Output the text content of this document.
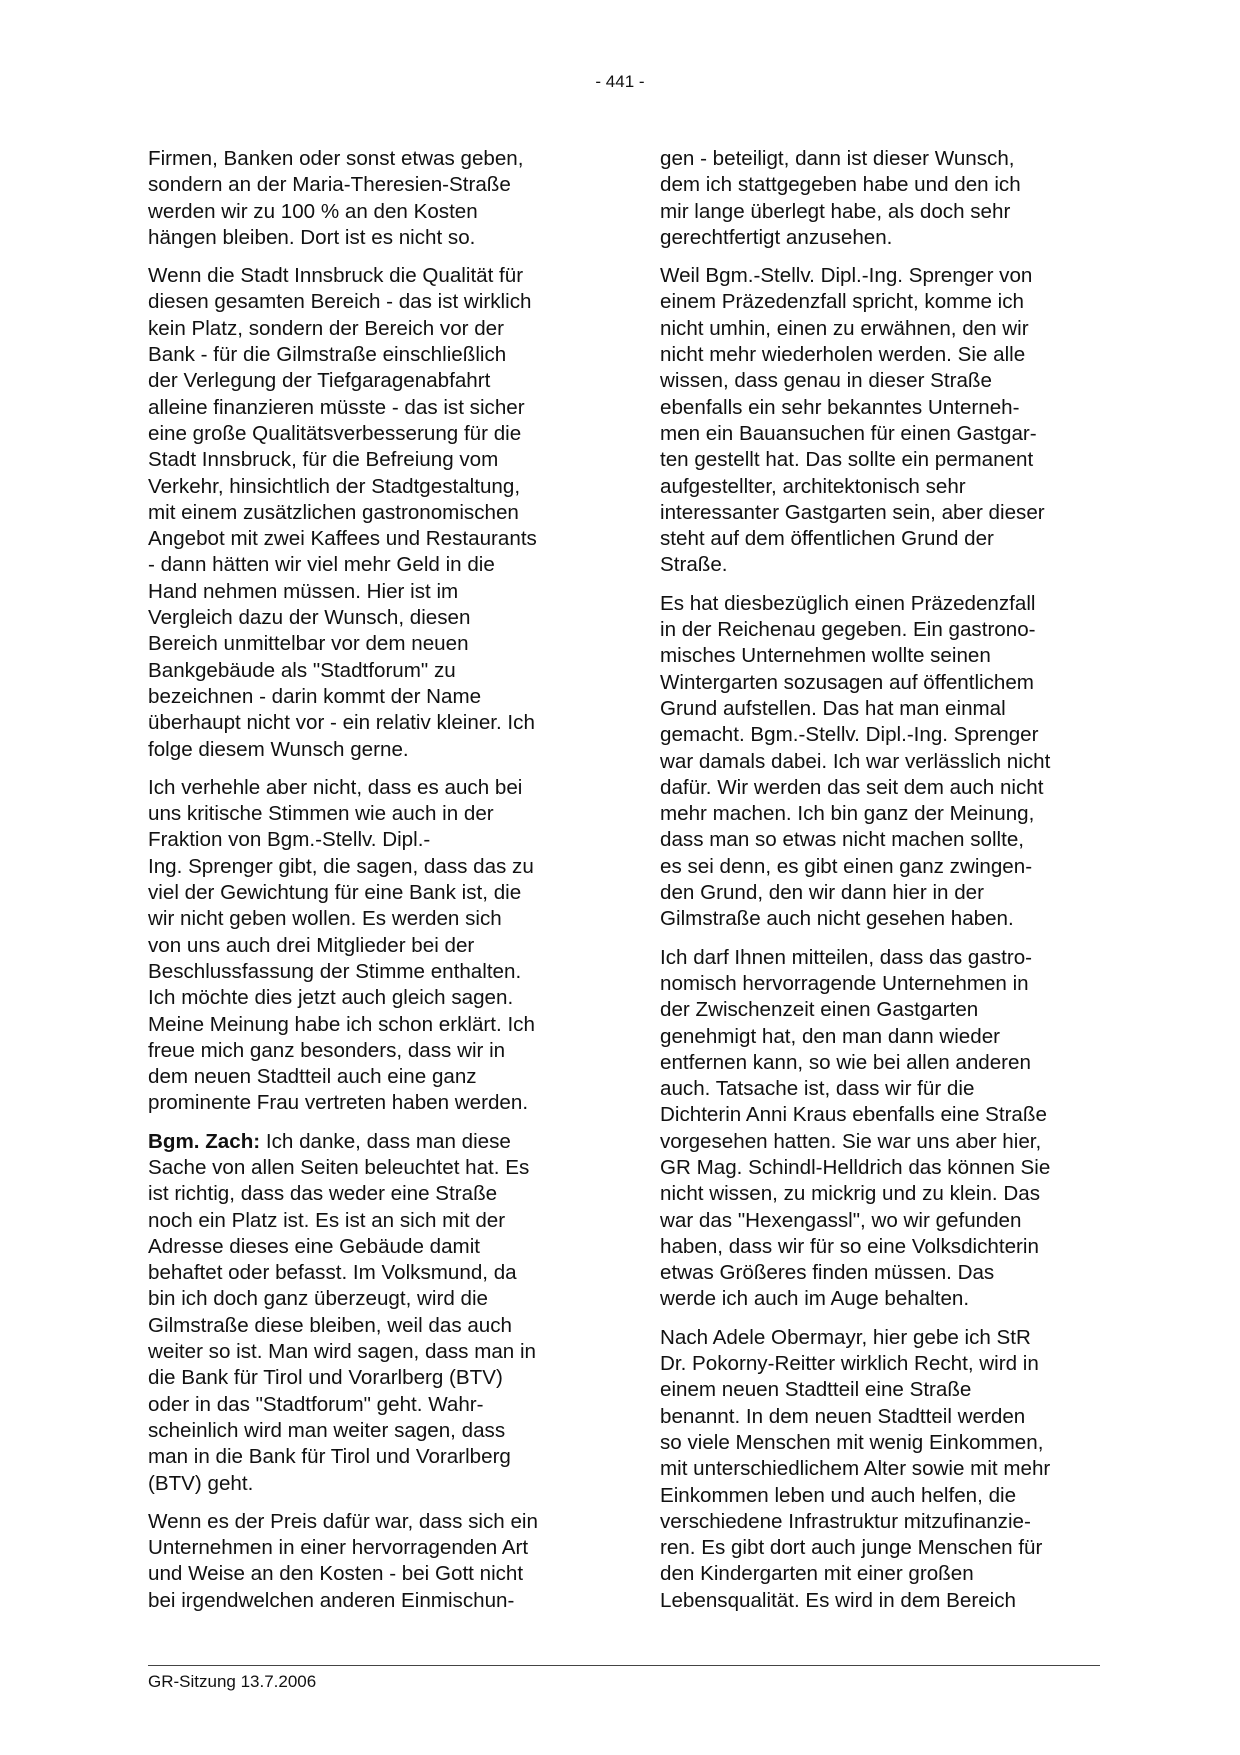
- 441 -
Firmen, Banken oder sonst etwas geben,
sondern an der Maria-Theresien-Straße
werden wir zu 100 % an den Kosten
hängen bleiben. Dort ist es nicht so.
Wenn die Stadt Innsbruck die Qualität für
diesen gesamten Bereich - das ist wirklich
kein Platz, sondern der Bereich vor der
Bank - für die Gilmstraße einschließlich
der Verlegung der Tiefgaragenabfahrt
alleine finanzieren müsste - das ist sicher
eine große Qualitätsverbesserung für die
Stadt Innsbruck, für die Befreiung vom
Verkehr, hinsichtlich der Stadtgestaltung,
mit einem zusätzlichen gastronomischen
Angebot mit zwei Kaffees und Restaurants
- dann hätten wir viel mehr Geld in die
Hand nehmen müssen. Hier ist im
Vergleich dazu der Wunsch, diesen
Bereich unmittelbar vor dem neuen
Bankgebäude als "Stadtforum" zu
bezeichnen - darin kommt der Name
überhaupt nicht vor - ein relativ kleiner. Ich
folge diesem Wunsch gerne.
Ich verhehle aber nicht, dass es auch bei
uns kritische Stimmen wie auch in der
Fraktion von Bgm.-Stellv. Dipl.-
Ing. Sprenger gibt, die sagen, dass das zu
viel der Gewichtung für eine Bank ist, die
wir nicht geben wollen. Es werden sich
von uns auch drei Mitglieder bei der
Beschlussfassung der Stimme enthalten.
Ich möchte dies jetzt auch gleich sagen.
Meine Meinung habe ich schon erklärt. Ich
freue mich ganz besonders, dass wir in
dem neuen Stadtteil auch eine ganz
prominente Frau vertreten haben werden.
Bgm. Zach: Ich danke, dass man diese
Sache von allen Seiten beleuchtet hat. Es
ist richtig, dass das weder eine Straße
noch ein Platz ist. Es ist an sich mit der
Adresse dieses eine Gebäude damit
behaftet oder befasst. Im Volksmund, da
bin ich doch ganz überzeugt, wird die
Gilmstraße diese bleiben, weil das auch
weiter so ist. Man wird sagen, dass man in
die Bank für Tirol und Vorarlberg (BTV)
oder in das "Stadtforum" geht. Wahr-
scheinlich wird man weiter sagen, dass
man in die Bank für Tirol und Vorarlberg
(BTV) geht.
Wenn es der Preis dafür war, dass sich ein
Unternehmen in einer hervorragenden Art
und Weise an den Kosten - bei Gott nicht
bei irgendwelchen anderen Einmischun-
gen - beteiligt, dann ist dieser Wunsch,
dem ich stattgegeben habe und den ich
mir lange überlegt habe, als doch sehr
gerechtfertigt anzusehen.
Weil Bgm.-Stellv. Dipl.-Ing. Sprenger von
einem Präzedenzfall spricht, komme ich
nicht umhin, einen zu erwähnen, den wir
nicht mehr wiederholen werden. Sie alle
wissen, dass genau in dieser Straße
ebenfalls ein sehr bekanntes Unterneh-
men ein Bauansuchen für einen Gastgar-
ten gestellt hat. Das sollte ein permanent
aufgestellter, architektonisch sehr
interessanter Gastgarten sein, aber dieser
steht auf dem öffentlichen Grund der
Straße.
Es hat diesbezüglich einen Präzedenzfall
in der Reichenau gegeben. Ein gastrono-
misches Unternehmen wollte seinen
Wintergarten sozusagen auf öffentlichem
Grund aufstellen. Das hat man einmal
gemacht. Bgm.-Stellv. Dipl.-Ing. Sprenger
war damals dabei. Ich war verlässlich nicht
dafür. Wir werden das seit dem auch nicht
mehr machen. Ich bin ganz der Meinung,
dass man so etwas nicht machen sollte,
es sei denn, es gibt einen ganz zwingen-
den Grund, den wir dann hier in der
Gilmstraße auch nicht gesehen haben.
Ich darf Ihnen mitteilen, dass das gastro-
nomisch hervorragende Unternehmen in
der Zwischenzeit einen Gastgarten
genehmigt hat, den man dann wieder
entfernen kann, so wie bei allen anderen
auch. Tatsache ist, dass wir für die
Dichterin Anni Kraus ebenfalls eine Straße
vorgesehen hatten. Sie war uns aber hier,
GR Mag. Schindl-Helldrich das können Sie
nicht wissen, zu mickrig und zu klein. Das
war das "Hexengassl", wo wir gefunden
haben, dass wir für so eine Volksdichterin
etwas Größeres finden müssen. Das
werde ich auch im Auge behalten.
Nach Adele Obermayr, hier gebe ich StR
Dr. Pokorny-Reitter wirklich Recht, wird in
einem neuen Stadtteil eine Straße
benannt. In dem neuen Stadtteil werden
so viele Menschen mit wenig Einkommen,
mit unterschiedlichem Alter sowie mit mehr
Einkommen leben und auch helfen, die
verschiedene Infrastruktur mitzufinanzie-
ren. Es gibt dort auch junge Menschen für
den Kindergarten mit einer großen
Lebensqualität. Es wird in dem Bereich
GR-Sitzung 13.7.2006
